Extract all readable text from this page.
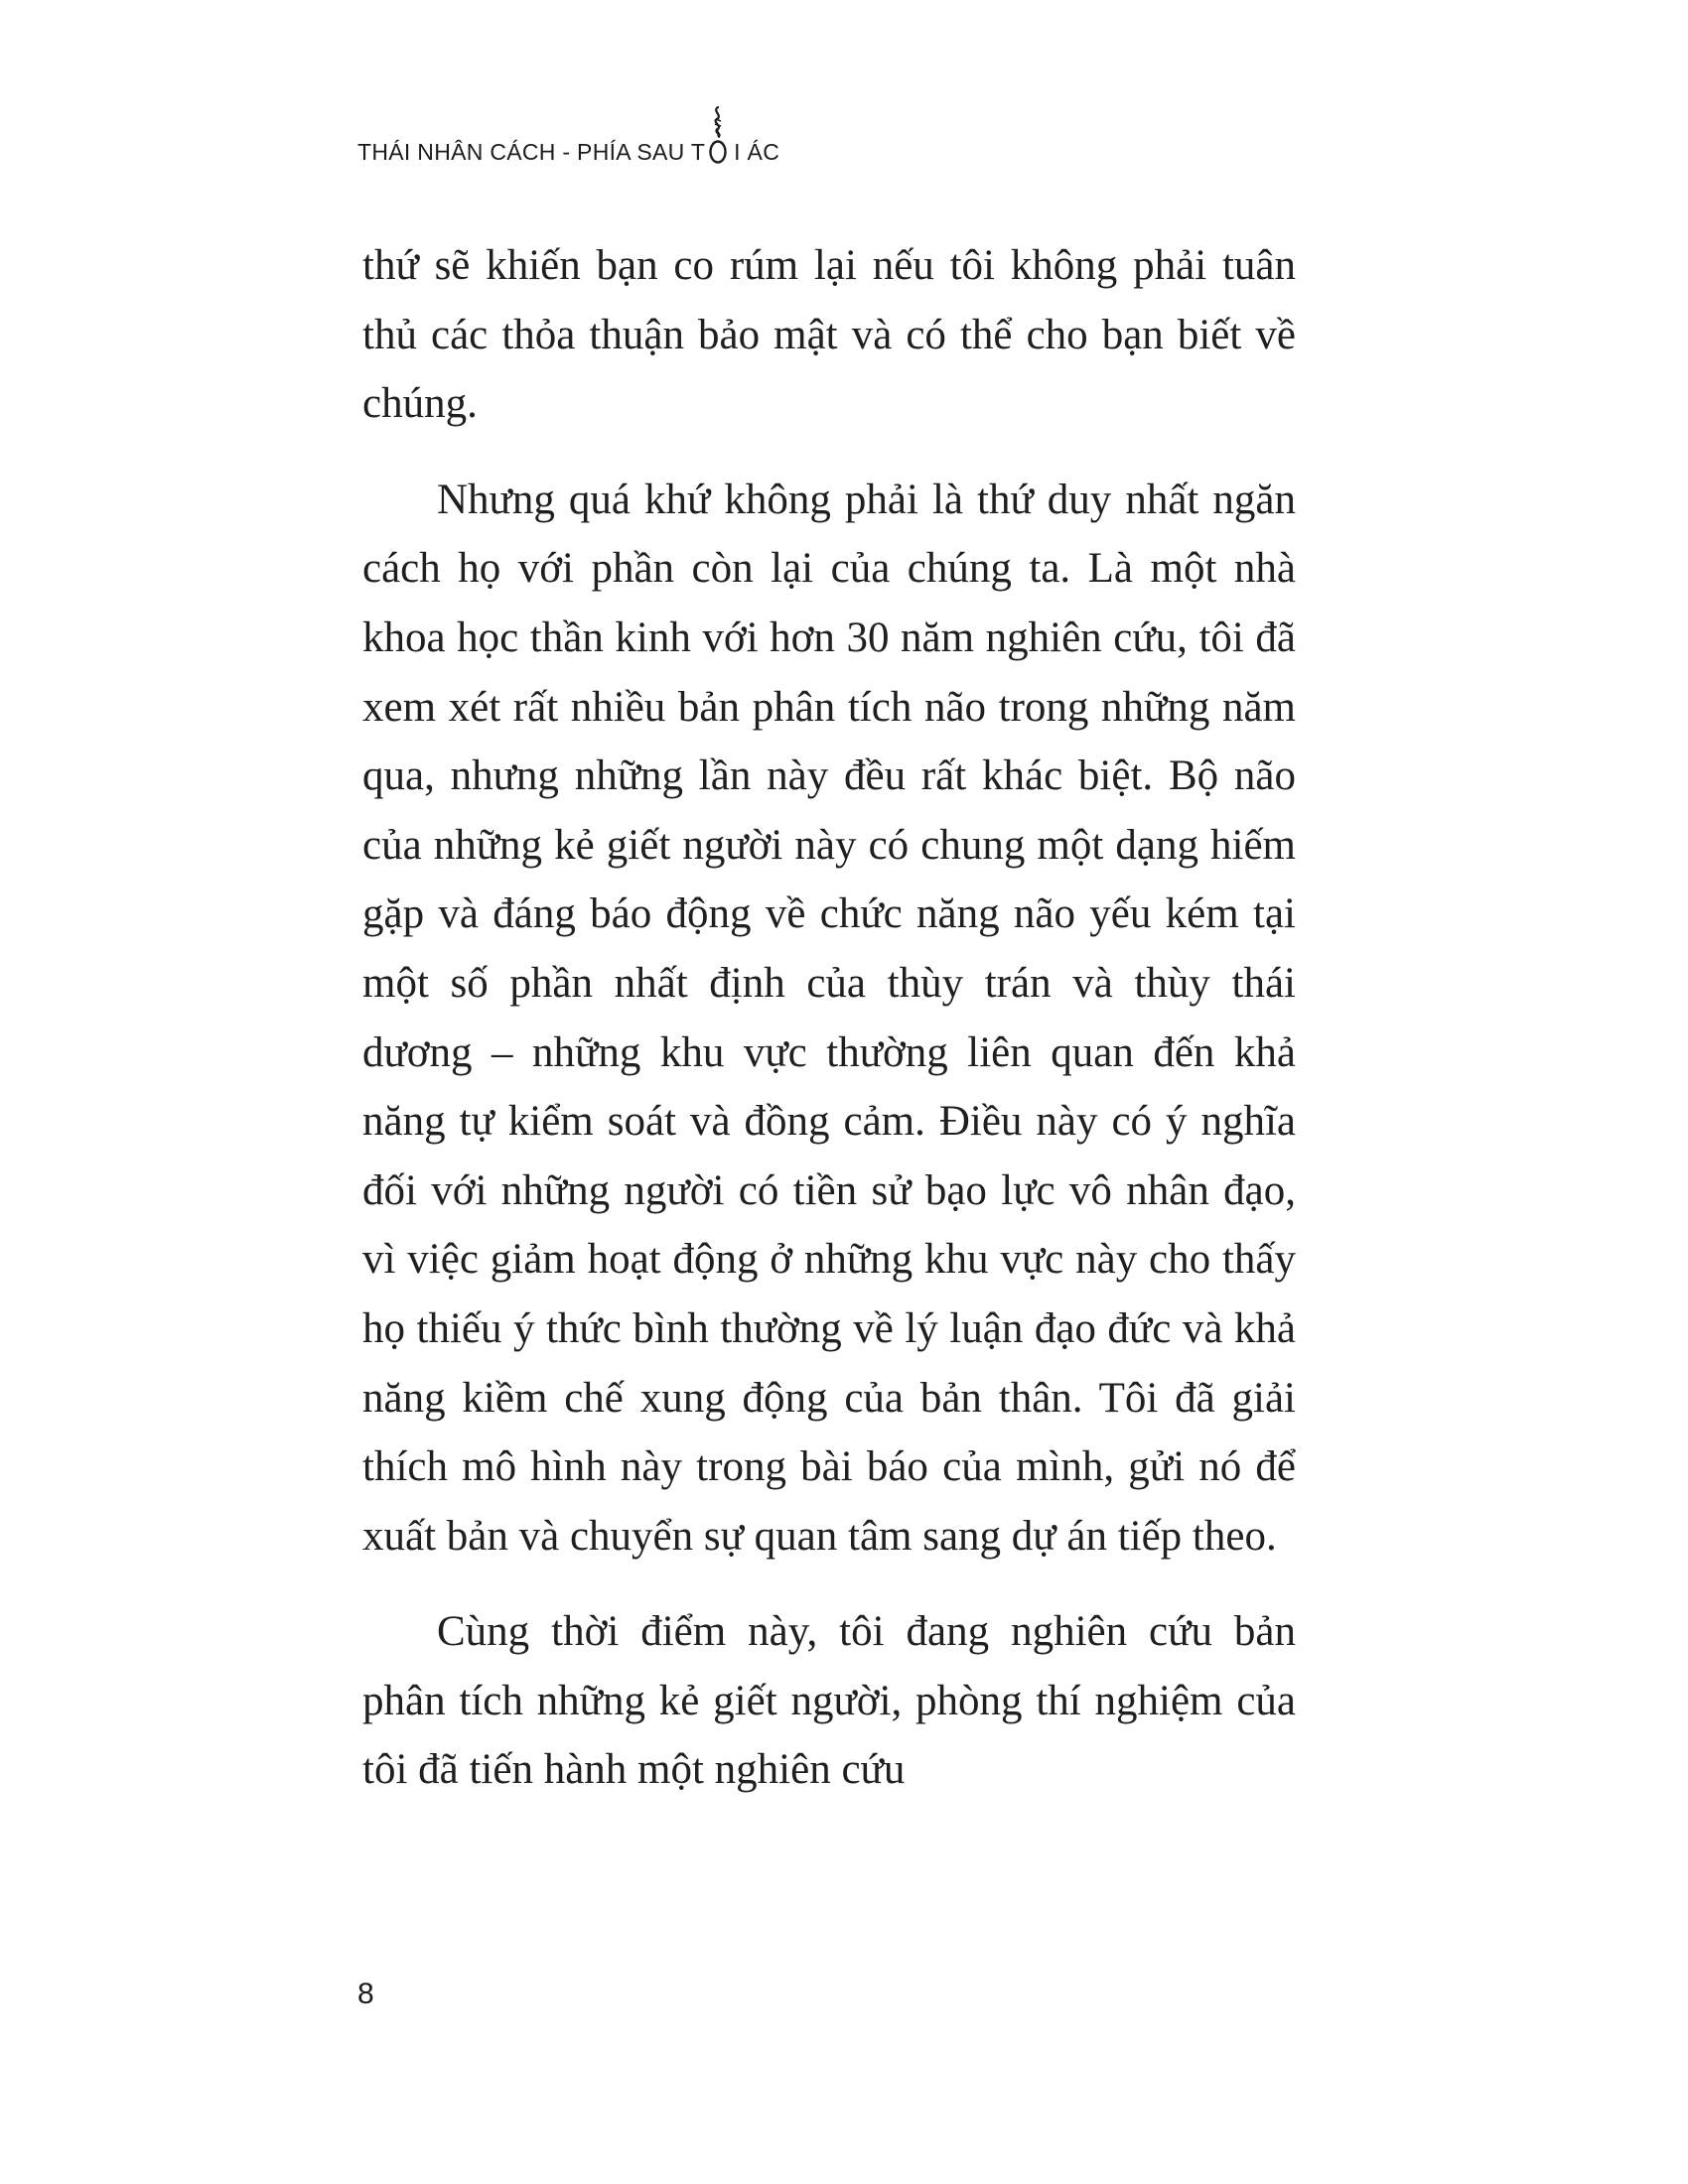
THÁI NHÂN CÁCH - PHÍA SAU T I ÁC

thứ sẽ khiến bạn co rúm lại nếu tôi không phải tuân thủ các thỏa thuận bảo mật và có thể cho bạn biết về chúng.

Nhưng quá khứ không phải là thứ duy nhất ngăn cách họ với phần còn lại của chúng ta. Là một nhà khoa học thần kinh với hơn 30 năm nghiên cứu, tôi đã xem xét rất nhiều bản phân tích não trong những năm qua, nhưng những lần này đều rất khác biệt. Bộ não của những kẻ giết người này có chung một dạng hiếm gặp và đáng báo động về chức năng não yếu kém tại một số phần nhất định của thùy trán và thùy thái dương – những khu vực thường liên quan đến khả năng tự kiểm soát và đồng cảm. Điều này có ý nghĩa đối với những người có tiền sử bạo lực vô nhân đạo, vì việc giảm hoạt động ở những khu vực này cho thấy họ thiếu ý thức bình thường về lý luận đạo đức và khả năng kiềm chế xung động của bản thân. Tôi đã giải thích mô hình này trong bài báo của mình, gửi nó để xuất bản và chuyển sự quan tâm sang dự án tiếp theo.

Cùng thời điểm này, tôi đang nghiên cứu bản phân tích những kẻ giết người, phòng thí nghiệm của tôi đã tiến hành một nghiên cứu

8
